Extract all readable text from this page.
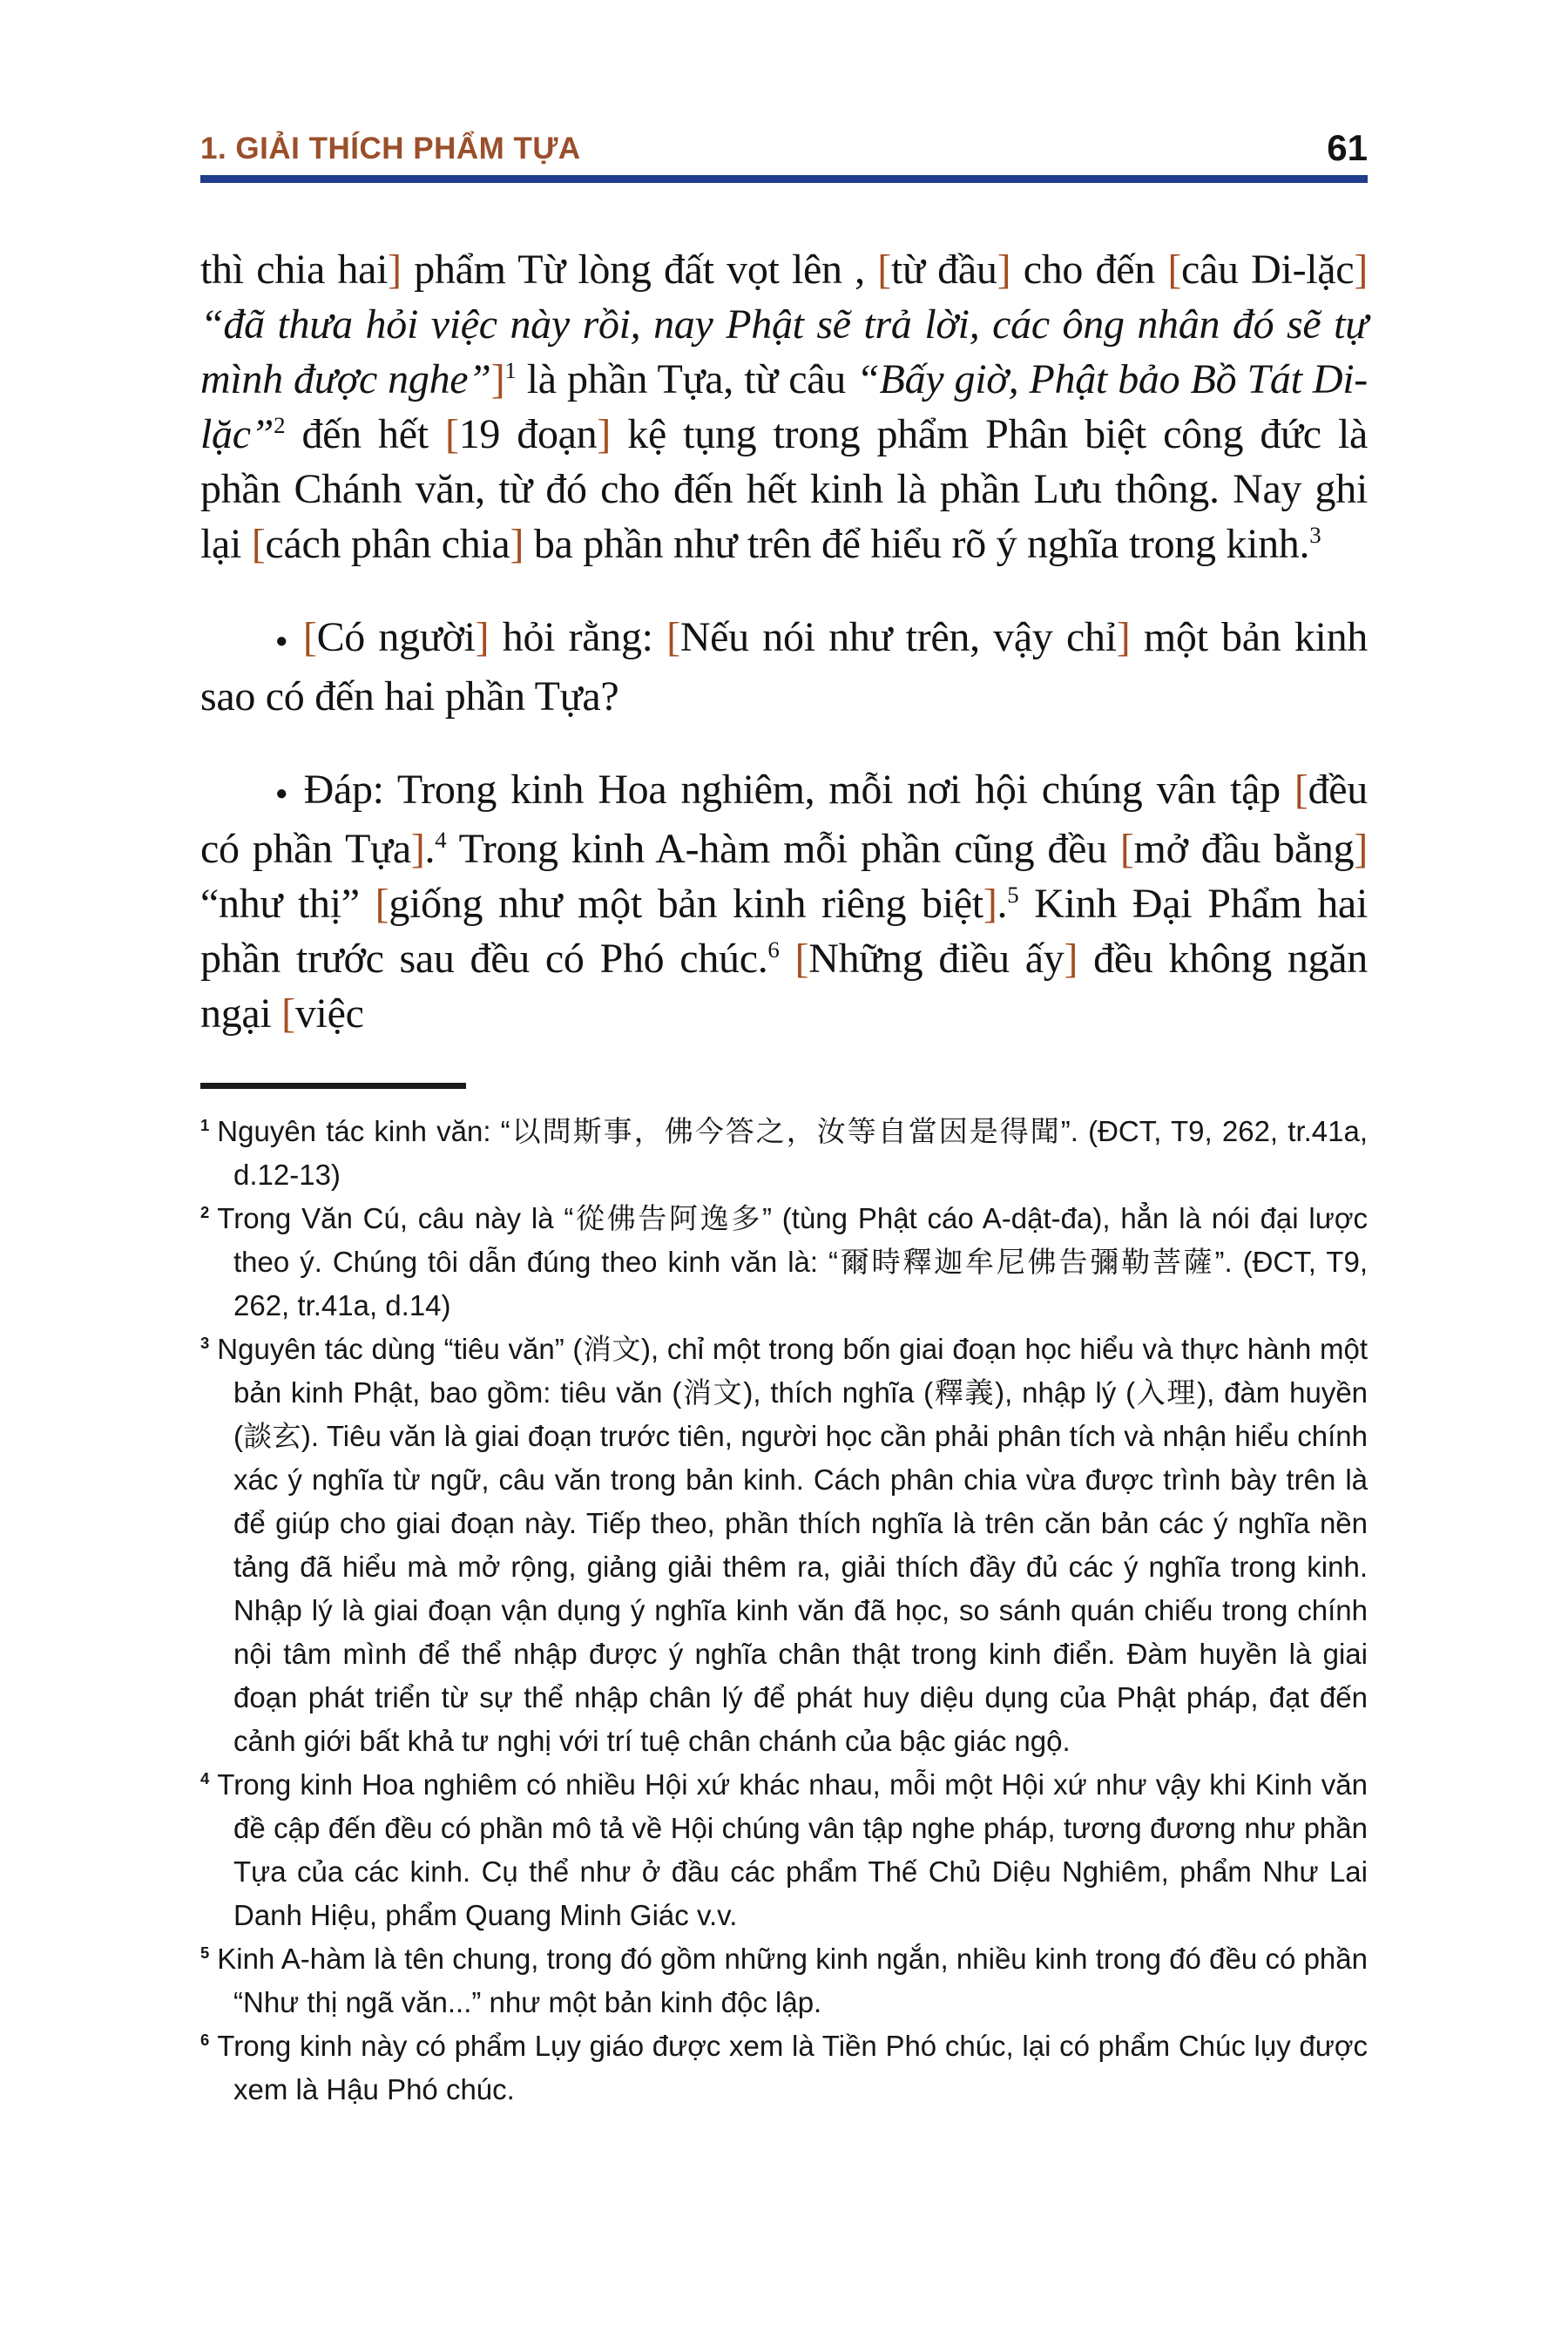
1. GIẢI THÍCH PHẨM TỰA	61

thì chia hai] phẩm Từ lòng đất vọt lên , [từ đầu] cho đến [câu Di-lặc] “đã thưa hỏi việc này rồi, nay Phật sẽ trả lời, các ông nhân đó sẽ tự mình được nghe”]$^1$ là phần Tựa, từ câu “Bấy giờ, Phật bảo Bồ Tát Di-lặc”$^2$ đến hết [19 đoạn] kệ tụng trong phẩm Phân biệt công đức là phần Chánh văn, từ đó cho đến hết kinh là phần Lưu thông. Nay ghi lại [cách phân chia] ba phần như trên để hiểu rõ ý nghĩa trong kinh.$^3$

● [Có người] hỏi rằng: [Nếu nói như trên, vậy chỉ] một bản kinh sao có đến hai phần Tựa?

● Đáp: Trong kinh Hoa nghiêm, mỗi nơi hội chúng vân tập [đều có phần Tựa].$^4$ Trong kinh A-hàm mỗi phần cũng đều [mở đầu bằng] “như thị” [giống như một bản kinh riêng biệt].$^5$ Kinh Đại Phẩm hai phần trước sau đều có Phó chúc.$^6$ [Những điều ấy] đều không ngăn ngại [việc

$^1$ Nguyên tác kinh văn: “以問斯事，佛今答之，汝等自當因是得聞”. (ĐCT, T9, 262, tr.41a, d.12-13)

$^2$ Trong Văn Cú, câu này là “從佛告阿逸多” (tùng Phật cáo A-dật-đa), hẳn là nói đại lược theo ý. Chúng tôi dẫn đúng theo kinh văn là: “爾時釋迦牟尼佛告彌勒菩薩”. (ĐCT, T9, 262, tr.41a, d.14)

$^3$ Nguyên tác dùng “tiêu văn” (消文), chỉ một trong bốn giai đoạn học hiểu và thực hành một bản kinh Phật, bao gồm: tiêu văn (消文), thích nghĩa (釋義), nhập lý (入理), đàm huyền (談玄). Tiêu văn là giai đoạn trước tiên, người học cần phải phân tích và nhận hiểu chính xác ý nghĩa từ ngữ, câu văn trong bản kinh. Cách phân chia vừa được trình bày trên là để giúp cho giai đoạn này. Tiếp theo, phần thích nghĩa là trên căn bản các ý nghĩa nền tảng đã hiểu mà mở rộng, giảng giải thêm ra, giải thích đầy đủ các ý nghĩa trong kinh. Nhập lý là giai đoạn vận dụng ý nghĩa kinh văn đã học, so sánh quán chiếu trong chính nội tâm mình để thể nhập được ý nghĩa chân thật trong kinh điển. Đàm huyền là giai đoạn phát triển từ sự thể nhập chân lý để phát huy diệu dụng của Phật pháp, đạt đến cảnh giới bất khả tư nghị với trí tuệ chân chánh của bậc giác ngộ.

$^4$ Trong kinh Hoa nghiêm có nhiều Hội xứ khác nhau, mỗi một Hội xứ như vậy khi Kinh văn đề cập đến đều có phần mô tả về Hội chúng vân tập nghe pháp, tương đương như phần Tựa của các kinh. Cụ thể như ở đầu các phẩm Thế Chủ Diệu Nghiêm, phẩm Như Lai Danh Hiệu, phẩm Quang Minh Giác v.v.

$^5$ Kinh A-hàm là tên chung, trong đó gồm những kinh ngắn, nhiều kinh trong đó đều có phần “Như thị ngã văn...” như một bản kinh độc lập.

$^6$ Trong kinh này có phẩm Lụy giáo được xem là Tiền Phó chúc, lại có phẩm Chúc lụy được xem là Hậu Phó chúc.
